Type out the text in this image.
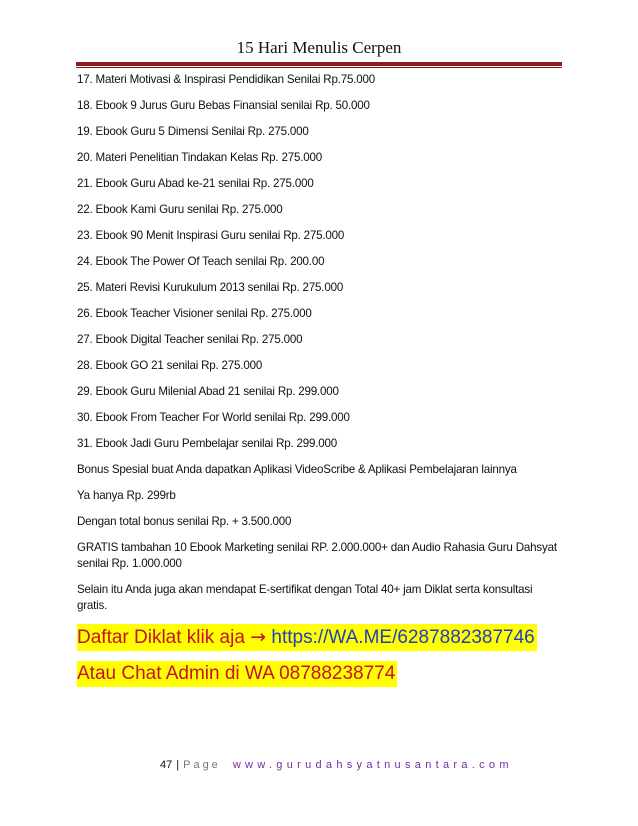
15 Hari Menulis Cerpen
17. Materi Motivasi & Inspirasi Pendidikan Senilai Rp.75.000
18. Ebook 9 Jurus Guru Bebas Finansial senilai Rp. 50.000
19. Ebook Guru 5 Dimensi Senilai Rp. 275.000
20. Materi Penelitian Tindakan Kelas Rp. 275.000
21. Ebook Guru Abad ke-21 senilai Rp. 275.000
22. Ebook Kami Guru senilai Rp. 275.000
23. Ebook 90 Menit Inspirasi Guru senilai Rp. 275.000
24. Ebook The Power Of Teach senilai Rp. 200.00
25. Materi Revisi Kurukulum 2013 senilai Rp. 275.000
26. Ebook Teacher Visioner senilai Rp. 275.000
27. Ebook Digital Teacher senilai Rp. 275.000
28. Ebook GO 21 senilai Rp. 275.000
29. Ebook Guru Milenial Abad 21 senilai Rp. 299.000
30. Ebook From Teacher For World senilai Rp. 299.000
31. Ebook Jadi Guru Pembelajar senilai Rp. 299.000
Bonus Spesial buat Anda dapatkan Aplikasi VideoScribe & Aplikasi Pembelajaran lainnya
Ya hanya Rp. 299rb
Dengan total bonus senilai Rp. + 3.500.000
GRATIS tambahan 10 Ebook Marketing senilai RP. 2.000.000+ dan Audio Rahasia Guru Dahsyat senilai Rp. 1.000.000
Selain itu Anda juga akan mendapat E-sertifikat dengan Total 40+ jam Diklat serta konsultasi gratis.
Daftar Diklat klik aja → https://WA.ME/6287882387746
Atau Chat Admin di WA 08788238774
47 | Page www.gurudahsyatnusantara.com
